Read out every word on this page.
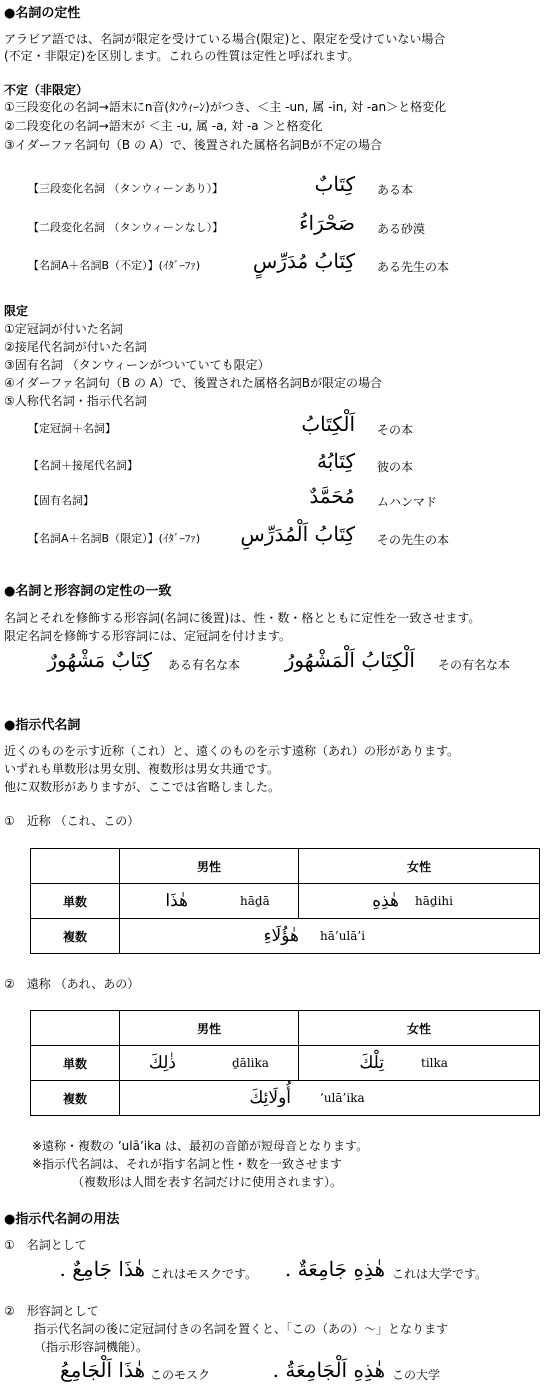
●名詞の定性
アラビア語では、名詞が限定を受けている場合(限定)と、限定を受けていない場合
(不定・非限定)を区別します。これらの性質は定性と呼ばれます。
不定（非限定）
①三段変化の名詞→語末にn音(ﾀﾝｳｨｰﾝ)がつき、＜主 -un, 属 -in, 対 -an＞と格変化
②二段変化の名詞→語末が ＜主 -u, 属 -a, 対 -a ＞と格変化
③イダーファ名詞句（B の A）で、後置された属格名詞Bが不定の場合
【三段変化名詞 （タンウィーンあり）】	كِتَابٌ ある本
【二段変化名詞 （タンウィーンなし）】	صَحْرَاءُ ある砂漠
【名詞A＋名詞B（不定）】(ｲﾀﾞｰﾌｧ)	كِتَابُ مُدَرِّسٍ ある先生の本
限定
①定冠詞が付いた名詞
②接尾代名詞が付いた名詞
③固有名詞 （タンウィーンがついていても限定）
④イダーファ名詞句（B の A）で、後置された属格名詞Bが限定の場合
⑤人称代名詞・指示代名詞
【定冠詞＋名詞】	اَلْكِتَابُ その本
【名詞＋接尾代名詞】	كِتَابُهُ 彼の本
【固有名詞】	مُحَمَّدٌ ムハンマド
【名詞A＋名詞B（限定）】(ｲﾀﾞｰﾌｧ) كِتَابُ اَلْمُدَرِّسِ その先生の本
●名詞と形容詞の定性の一致
名詞とそれを修飾する形容詞(名詞に後置)は、性・数・格とともに定性を一致させます。
限定名詞を修飾する形容詞には、定冠詞を付けます。
كِتَابٌ مَشْهُورٌ ある有名な本 اَلْكِتَابُ اَلْمَشْهُورُ その有名な本
●指示代名詞
近くのものを示す近称（これ）と、遠くのものを示す遠称（あれ）の形があります。
いずれも単数形は男女別、複数形は男女共通です。
他に双数形がありますが、ここでは省略しました。
①　近称 （これ、この）
	男性	女性
単数	هٰذَا hāḏā	هٰذِهِ hāḏihi

複数	هٰؤُلَاءِ hā’ulā’i	
②　遠称 （あれ、あの）
	男性	女性
単数	ذٰلِكَ ḏālika	تِلْكَ tilka

複数	أُولَائِكَ ’ulā’ika	
※遠称・複数の ’ulā’ika は、最初の音節が短母音となります。
※指示代名詞は、それが指す名詞と性・数を一致させます
（複数形は人間を表す名詞だけに使用されます）。
●指示代名詞の用法
①　名詞として
هٰذَا جَامِعٌ . これはモスクです。 هٰذِهِ جَامِعَةٌ . これは大学です。
②　形容詞として
指示代名詞の後に定冠詞付きの名詞を置くと、「この（あの）～」となります
（指示形容詞機能）。
هٰذَا اَلْجَامِعُ このモスク	هٰذِهِ اَلْجَامِعَةُ . この大学
